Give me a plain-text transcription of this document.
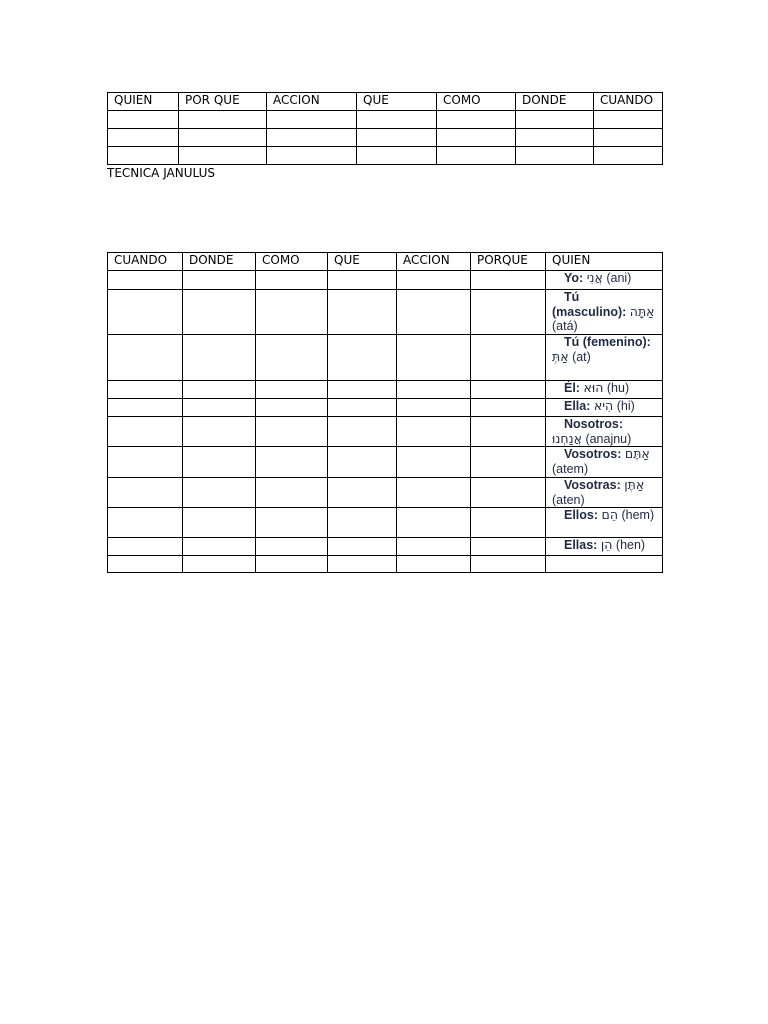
QUIEN	POR QUE	ACCION	QUE	COMO	DONDE	CUANDO

TECNICA JANULUS
CUANDO	DONDE	COMO	QUE	ACCION	PORQUE	QUIEN

						Yo: אֲנִי (ani)

						Tú (masculino): אַתָּה (atá)

						Tú (femenino): אַתְּ (at)

						Él: הוּא (hu)

						Ella: הִיא (hi)

						Nosotros: אֲנַחְנוּ (anajnu)

						Vosotros: אַתֶּם (atem)

						Vosotras: אַתֶּן (aten)

						Ellos: הֵם (hem)

						Ellas: הֵן (hen)
